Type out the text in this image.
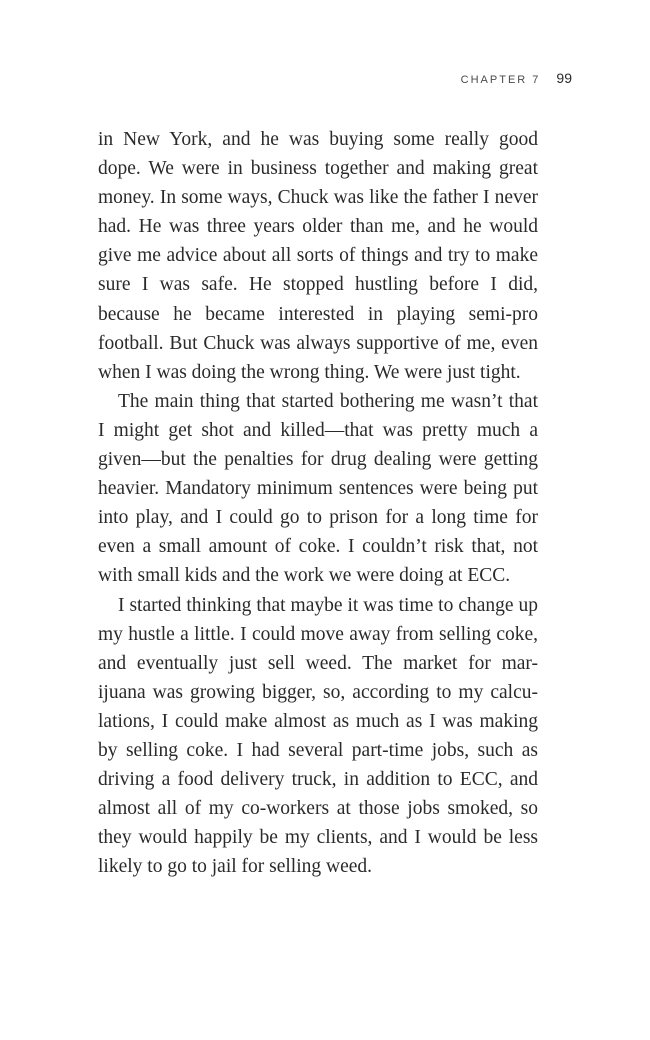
CHAPTER 7 99

in New York, and he was buying some really good dope. We were in business together and making great money. In some ways, Chuck was like the father I never had. He was three years older than me, and he would give me advice about all sorts of things and try to make sure I was safe. He stopped hustling before I did, because he became interested in playing semi-pro football. But Chuck was always supportive of me, even when I was doing the wrong thing. We were just tight.

The main thing that started bothering me wasn’t that I might get shot and killed—that was pretty much a given—but the penalties for drug dealing were getting heavier. Mandatory minimum sentences were being put into play, and I could go to prison for a long time for even a small amount of coke. I couldn’t risk that, not with small kids and the work we were doing at ECC.

I started thinking that maybe it was time to change up my hustle a little. I could move away from selling coke, and eventually just sell weed. The market for mar-ijuana was growing bigger, so, according to my calcu-lations, I could make almost as much as I was making by selling coke. I had several part-time jobs, such as driving a food delivery truck, in addition to ECC, and almost all of my co-workers at those jobs smoked, so they would happily be my clients, and I would be less likely to go to jail for selling weed.
